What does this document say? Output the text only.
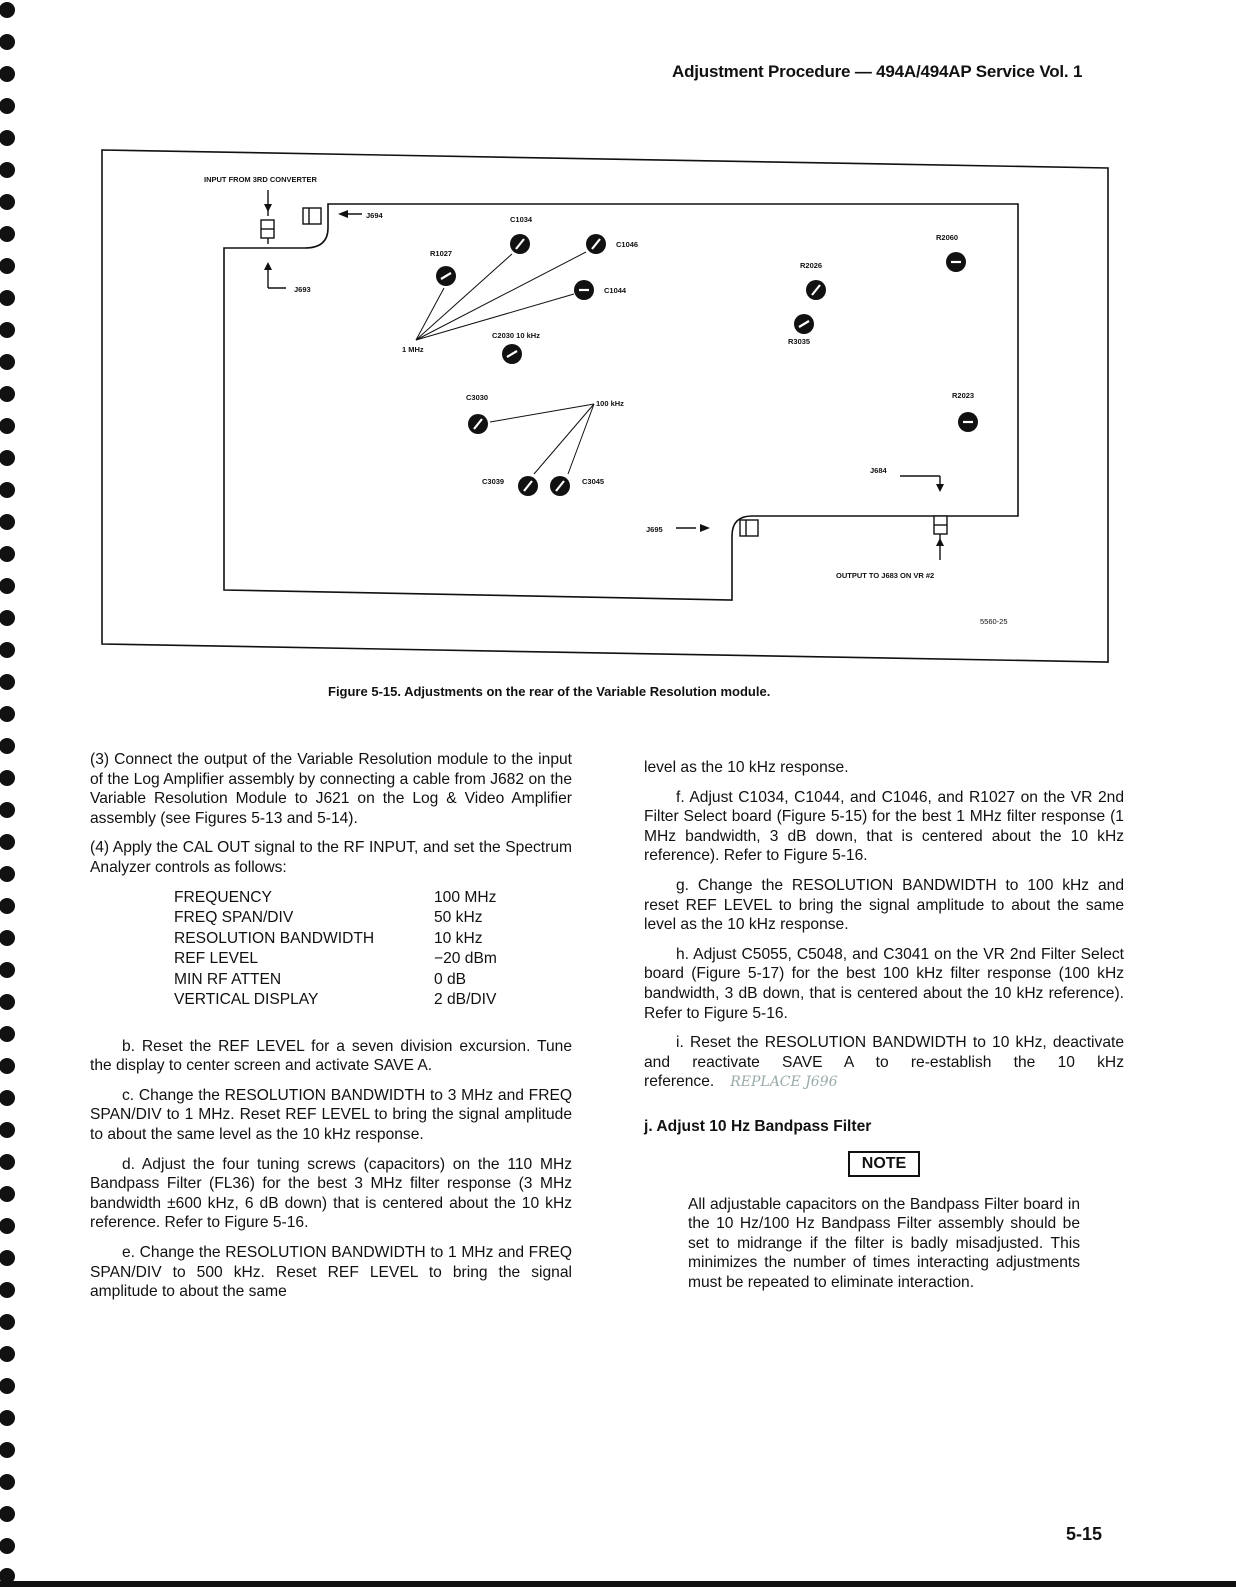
Adjustment Procedure — 494A/494AP Service Vol. 1
INPUT FROM 3RD CONVERTER
J694
J693
R1027
C1034
C1046
C1044
1 MHz
C2030 10 kHz
R2026
R3035
R2060
R2023
C3030
100 kHz
C3039	C3045
J684
J695
OUTPUT TO J683 ON VR #2
5560-25
Figure 5-15. Adjustments on the rear of the Variable Resolution module.

(3) Connect the output of the Variable Resolution module to the input of the Log Amplifier assembly by connecting a cable from J682 on the Variable Resolution Module to J621 on the Log & Video Amplifier assembly (see Figures 5-13 and 5-14).

(4) Apply the CAL OUT signal to the RF INPUT, and set the Spectrum Analyzer controls as follows:

FREQUENCY	100 MHz
FREQ SPAN/DIV	50 kHz
RESOLUTION BANDWIDTH	10 kHz
REF LEVEL	−20 dBm
MIN RF ATTEN	0 dB
VERTICAL DISPLAY	2 dB/DIV

b. Reset the REF LEVEL for a seven division excursion. Tune the display to center screen and activate SAVE A.

c. Change the RESOLUTION BANDWIDTH to 3 MHz and FREQ SPAN/DIV to 1 MHz. Reset REF LEVEL to bring the signal amplitude to about the same level as the 10 kHz response.

d. Adjust the four tuning screws (capacitors) on the 110 MHz Bandpass Filter (FL36) for the best 3 MHz filter response (3 MHz bandwidth ±600 kHz, 6 dB down) that is centered about the 10 kHz reference. Refer to Figure 5-16.

e. Change the RESOLUTION BANDWIDTH to 1 MHz and FREQ SPAN/DIV to 500 kHz. Reset REF LEVEL to bring the signal amplitude to about the same

level as the 10 kHz response.

f. Adjust C1034, C1044, and C1046, and R1027 on the VR 2nd Filter Select board (Figure 5-15) for the best 1 MHz filter response (1 MHz bandwidth, 3 dB down, that is centered about the 10 kHz reference). Refer to Figure 5-16.

g. Change the RESOLUTION BANDWIDTH to 100 kHz and reset REF LEVEL to bring the signal amplitude to about the same level as the 10 kHz response.

h. Adjust C5055, C5048, and C3041 on the VR 2nd Filter Select board (Figure 5-17) for the best 100 kHz filter response (100 kHz bandwidth, 3 dB down, that is centered about the 10 kHz reference). Refer to Figure 5-16.

i. Reset the RESOLUTION BANDWIDTH to 10 kHz, deactivate and reactivate SAVE A to re-establish the 10 kHz reference. REPLACE J696

j. Adjust 10 Hz Bandpass Filter

NOTE

All adjustable capacitors on the Bandpass Filter board in the 10 Hz/100 Hz Bandpass Filter assembly should be set to midrange if the filter is badly misadjusted. This minimizes the number of times interacting adjustments must be repeated to eliminate interaction.

5-15
